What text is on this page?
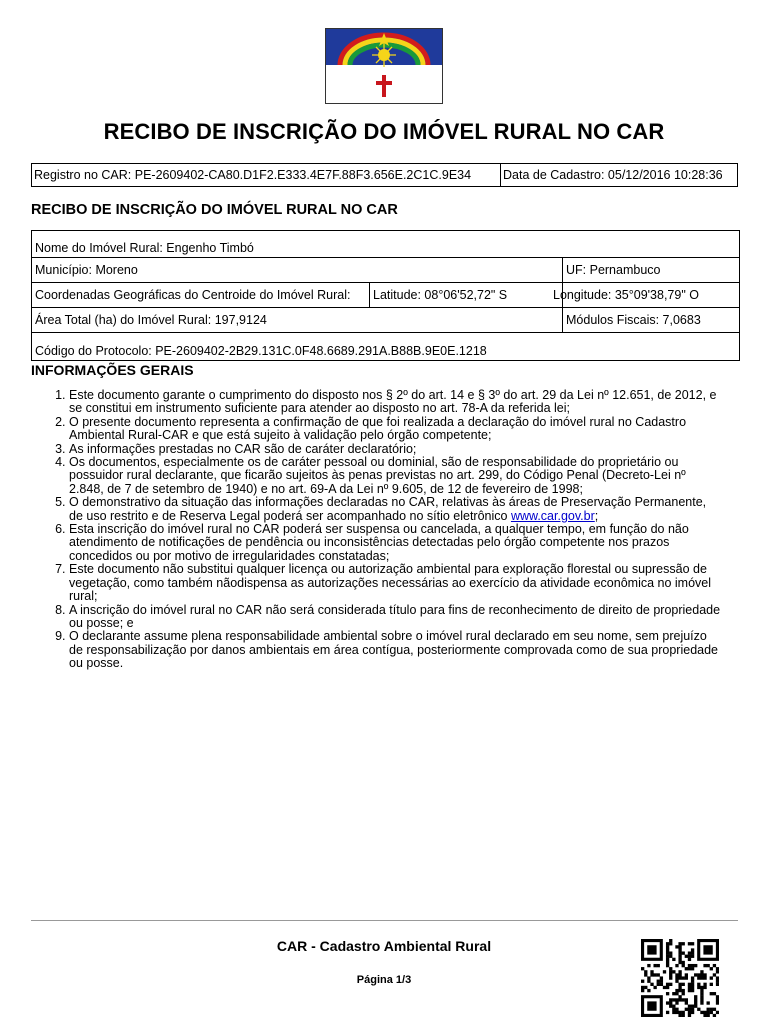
RECIBO DE INSCRIÇÃO DO IMÓVEL RURAL NO CAR
Registro no CAR: PE-2609402-CA80.D1F2.E333.4E7F.88F3.656E.2C1C.9E34	Data de Cadastro: 05/12/2016 10:28:36
RECIBO DE INSCRIÇÃO DO IMÓVEL RURAL NO CAR
Nome do Imóvel Rural: Engenho Timbó
Município: Moreno	UF: Pernambuco
Coordenadas Geográficas do Centroide do Imóvel Rural:	Latitude: 08°06'52,72" S	Longitude: 35°09'38,79" O
Área Total (ha) do Imóvel Rural: 197,9124	Módulos Fiscais: 7,0683
Código do Protocolo: PE-2609402-2B29.131C.0F48.6689.291A.B88B.9E0E.1218
INFORMAÇÕES GERAIS
1. Este documento garante o cumprimento do disposto nos § 2º do art. 14 e § 3º do art. 29 da Lei nº 12.651, de 2012, e se constitui em instrumento suficiente para atender ao disposto no art. 78-A da referida lei;
2. O presente documento representa a confirmação de que foi realizada a declaração do imóvel rural no Cadastro Ambiental Rural-CAR e que está sujeito à validação pelo órgão competente;
3. As informações prestadas no CAR são de caráter declaratório;
4. Os documentos, especialmente os de caráter pessoal ou dominial, são de responsabilidade do proprietário ou possuidor rural declarante, que ficarão sujeitos às penas previstas no art. 299, do Código Penal (Decreto-Lei nº 2.848, de 7 de setembro de 1940) e no art. 69-A da Lei nº 9.605, de 12 de fevereiro de 1998;
5. O demonstrativo da situação das informações declaradas no CAR, relativas às áreas de Preservação Permanente, de uso restrito e de Reserva Legal poderá ser acompanhado no sítio eletrônico www.car.gov.br;
6. Esta inscrição do imóvel rural no CAR poderá ser suspensa ou cancelada, a qualquer tempo, em função do não atendimento de notificações de pendência ou inconsistências detectadas pelo órgão competente nos prazos concedidos ou por motivo de irregularidades constatadas;
7. Este documento não substitui qualquer licença ou autorização ambiental para exploração florestal ou supressão de vegetação, como também nãodispensa as autorizações necessárias ao exercício da atividade econômica no imóvel rural;
8. A inscrição do imóvel rural no CAR não será considerada título para fins de reconhecimento de direito de propriedade ou posse; e
9. O declarante assume plena responsabilidade ambiental sobre o imóvel rural declarado em seu nome, sem prejuízo de responsabilização por danos ambientais em área contígua, posteriormente comprovada como de sua propriedade ou posse.
CAR - Cadastro Ambiental Rural
Página 1/3
